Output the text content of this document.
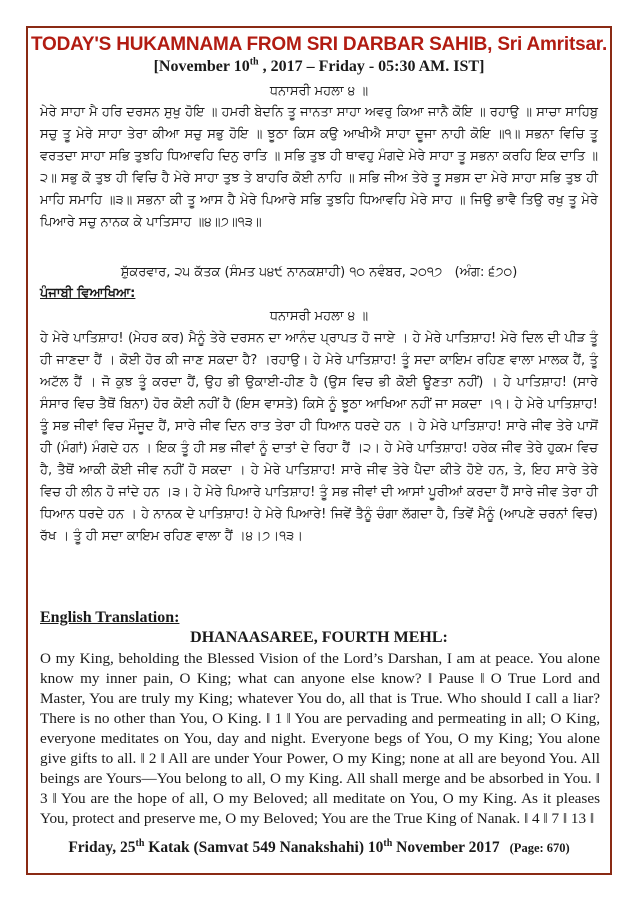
TODAY'S HUKAMNAMA FROM SRI DARBAR SAHIB, Sri Amritsar.
[November 10th , 2017 – Friday - 05:30 AM. IST]
ਧਨਾਸਰੀ ਮਹਲਾ ੪ ॥
ਮੇਰੇ ਸਾਹਾ ਮੈ ਹਰਿ ਦਰਸਨ ਸੁਖੁ ਹੋਇ ॥ ਹਮਰੀ ਬੇਦਨਿ ਤੂ ਜਾਨਤਾ ਸਾਹਾ ਅਵਰੁ ਕਿਆ ਜਾਨੈ ਕੋਇ ॥ ਰਹਾਉ ॥ ਸਾਚਾ ਸਾਹਿਬੁ ਸਚੁ ਤੂ ਮੇਰੇ ਸਾਹਾ ਤੇਰਾ ਕੀਆ ਸਚੁ ਸਭੁ ਹੋਇ ॥ ਝੂਠਾ ਕਿਸ ਕਉ ਆਖੀਐ ਸਾਹਾ ਦੂਜਾ ਨਾਹੀ ਕੋਇ ॥੧॥ ਸਭਨਾ ਵਿਚਿ ਤੂ ਵਰਤਦਾ ਸਾਹਾ ਸਭਿ ਤੁਝਹਿ ਧਿਆਵਹਿ ਦਿਨੁ ਰਾਤਿ ॥ ਸਭਿ ਤੁਝ ਹੀ ਥਾਵਹੁ ਮੰਗਦੇ ਮੇਰੇ ਸਾਹਾ ਤੂ ਸਭਨਾ ਕਰਹਿ ਇਕ ਦਾਤਿ ॥੨॥ ਸਭੁ ਕੋ ਤੁਝ ਹੀ ਵਿਚਿ ਹੈ ਮੇਰੇ ਸਾਹਾ ਤੁਝ ਤੇ ਬਾਹਰਿ ਕੋਈ ਨਾਹਿ ॥ ਸਭਿ ਜੀਅ ਤੇਰੇ ਤੂ ਸਭਸ ਦਾ ਮੇਰੇ ਸਾਹਾ ਸਭਿ ਤੁਝ ਹੀ ਮਾਹਿ ਸਮਾਹਿ ॥੩॥ ਸਭਨਾ ਕੀ ਤੂ ਆਸ ਹੈ ਮੇਰੇ ਪਿਆਰੇ ਸਭਿ ਤੁਝਹਿ ਧਿਆਵਹਿ ਮੇਰੇ ਸਾਹ ॥ ਜਿਉ ਭਾਵੈ ਤਿਉ ਰਖੁ ਤੂ ਮੇਰੇ ਪਿਆਰੇ ਸਚੁ ਨਾਨਕ ਕੇ ਪਾਤਿਸਾਹ ॥੪॥੭॥੧੩॥
ਸ਼ੁੱਕਰਵਾਰ, ੨੫ ਕੱਤਕ (ਸੰਮਤ ੫੪੯ ਨਾਨਕਸ਼ਾਹੀ) ੧੦ ਨਵੰਬਰ, ੨੦੧੭ (ਅੰਗ: ੬੭੦)
ਪੰਜਾਬੀ ਵਿਆਖਿਆ:
ਧਨਾਸਰੀ ਮਹਲਾ ੪ ॥
ਹੇ ਮੇਰੇ ਪਾਤਿਸ਼ਾਹ! (ਮੇਹਰ ਕਰ) ਮੈਨੂੰ ਤੇਰੇ ਦਰਸਨ ਦਾ ਆਨੰਦ ਪ੍ਰਾਪਤ ਹੋ ਜਾਏ । ਹੇ ਮੇਰੇ ਪਾਤਿਸ਼ਾਹ! ਮੇਰੇ ਦਿਲ ਦੀ ਪੀੜ ਤੂੰ ਹੀ ਜਾਣਦਾ ਹੈਂ । ਕੋਈ ਹੋਰ ਕੀ ਜਾਣ ਸਕਦਾ ਹੈ? ।ਰਹਾਉ। ਹੇ ਮੇਰੇ ਪਾਤਿਸ਼ਾਹ! ਤੂੰ ਸਦਾ ਕਾਇਮ ਰਹਿਣ ਵਾਲਾ ਮਾਲਕ ਹੈਂ, ਤੂੰ ਅਟੱਲ ਹੈਂ । ਜੋ ਕੁਝ ਤੂੰ ਕਰਦਾ ਹੈਂ, ਉਹ ਭੀ ਉਕਾਈ-ਹੀਣ ਹੈ (ਉਸ ਵਿਚ ਭੀ ਕੋਈ ਊਣਤਾ ਨਹੀਂ) । ਹੇ ਪਾਤਿਸ਼ਾਹ! (ਸਾਰੇ ਸੰਸਾਰ ਵਿਚ ਤੈਥੋਂ ਬਿਨਾ) ਹੋਰ ਕੋਈ ਨਹੀਂ ਹੈ (ਇਸ ਵਾਸਤੇ) ਕਿਸੇ ਨੂੰ ਝੂਠਾ ਆਖਿਆ ਨਹੀਂ ਜਾ ਸਕਦਾ ।੧। ਹੇ ਮੇਰੇ ਪਾਤਿਸ਼ਾਹ! ਤੂੰ ਸਭ ਜੀਵਾਂ ਵਿਚ ਮੌਜੂਦ ਹੈਂ, ਸਾਰੇ ਜੀਵ ਦਿਨ ਰਾਤ ਤੇਰਾ ਹੀ ਧਿਆਨ ਧਰਦੇ ਹਨ । ਹੇ ਮੇਰੇ ਪਾਤਿਸ਼ਾਹ! ਸਾਰੇ ਜੀਵ ਤੇਰੇ ਪਾਸੋਂ ਹੀ (ਮੰਗਾਂ) ਮੰਗਦੇ ਹਨ । ਇਕ ਤੂੰ ਹੀ ਸਭ ਜੀਵਾਂ ਨੂੰ ਦਾਤਾਂ ਦੇ ਰਿਹਾ ਹੈਂ ।੨। ਹੇ ਮੇਰੇ ਪਾਤਿਸ਼ਾਹ! ਹਰੇਕ ਜੀਵ ਤੇਰੇ ਹੁਕਮ ਵਿਚ ਹੈ, ਤੈਥੋਂ ਆਕੀ ਕੋਈ ਜੀਵ ਨਹੀਂ ਹੋ ਸਕਦਾ । ਹੇ ਮੇਰੇ ਪਾਤਿਸ਼ਾਹ! ਸਾਰੇ ਜੀਵ ਤੇਰੇ ਪੈਦਾ ਕੀਤੇ ਹੋਏ ਹਨ, ਤੇ, ਇਹ ਸਾਰੇ ਤੇਰੇ ਵਿਚ ਹੀ ਲੀਨ ਹੋ ਜਾਂਦੇ ਹਨ ।੩। ਹੇ ਮੇਰੇ ਪਿਆਰੇ ਪਾਤਿਸ਼ਾਹ! ਤੂੰ ਸਭ ਜੀਵਾਂ ਦੀ ਆਸਾਂ ਪੂਰੀਆਂ ਕਰਦਾ ਹੈਂ ਸਾਰੇ ਜੀਵ ਤੇਰਾ ਹੀ ਧਿਆਨ ਧਰਦੇ ਹਨ । ਹੇ ਨਾਨਕ ਦੇ ਪਾਤਿਸ਼ਾਹ! ਹੇ ਮੇਰੇ ਪਿਆਰੇ! ਜਿਵੇਂ ਤੈਨੂੰ ਚੰਗਾ ਲੱਗਦਾ ਹੈ, ਤਿਵੇਂ ਮੈਨੂੰ (ਆਪਣੇ ਚਰਨਾਂ ਵਿਚ) ਰੱਖ । ਤੂੰ ਹੀ ਸਦਾ ਕਾਇਮ ਰਹਿਣ ਵਾਲਾ ਹੈਂ ।੪।੭।੧੩।
English Translation:
DHANAASAREE, FOURTH MEHL:
O my King, beholding the Blessed Vision of the Lord’s Darshan, I am at peace. You alone know my inner pain, O King; what can anyone else know? ‖ Pause ‖ O True Lord and Master, You are truly my King; whatever You do, all that is True. Who should I call a liar? There is no other than You, O King. ‖ 1 ‖ You are pervading and permeating in all; O King, everyone meditates on You, day and night. Everyone begs of You, O my King; You alone give gifts to all. ‖ 2 ‖ All are under Your Power, O my King; none at all are beyond You. All beings are Yours—You belong to all, O my King. All shall merge and be absorbed in You. ‖ 3 ‖ You are the hope of all, O my Beloved; all meditate on You, O my King. As it pleases You, protect and preserve me, O my Beloved; You are the True King of Nanak. ‖ 4 ‖ 7 ‖ 13 ‖
Friday, 25th Katak (Samvat 549 Nanakshahi) 10th November 2017 (Page: 670)
